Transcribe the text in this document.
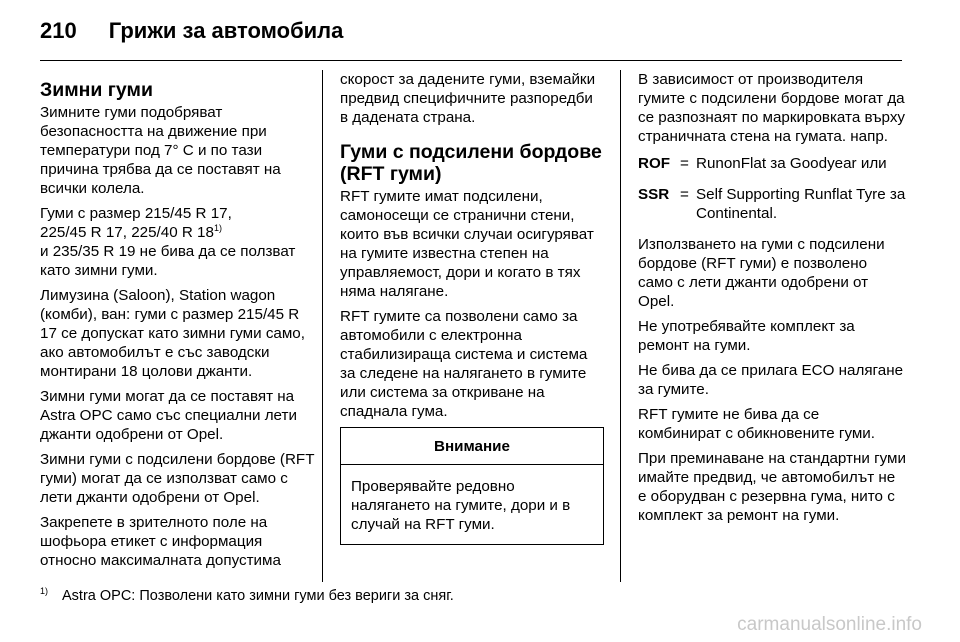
210 Грижи за автомобила
Зимни гуми

Зимните гуми подобряват безопасността на движение при температури под 7° C и по тази причина трябва да се поставят на всички колела.

Гуми с размер 215/45 R 17,
225/45 R 17, 225/40 R 18$^{1)}$
и 235/35 R 19 не бива да се ползват като зимни гуми.

Лимузина (Saloon), Station wagon (комби), ван: гуми с размер 215/45 R 17 се допускат като зимни гуми само, ако автомобилът е със заводски монтирани 18 цолови джанти.

Зимни гуми могат да се поставят на Astra OPC само със специални лети джанти одобрени от Opel.

Зимни гуми с подсилени бордове (RFT гуми) могат да се използват само с лети джанти одобрени от Opel.

Закрепете в зрителното поле на шофьора етикет с информация относно максималната допустима

скорост за дадените гуми, вземайки предвид специфичните разпоредби в дадената страна.

Гуми с подсилени бордове (RFT гуми)

RFT гумите имат подсилени, самоносещи се странични стени, които във всички случаи осигуряват на гумите известна степен на управляемост, дори и когато в тях няма налягане.

RFT гумите са позволени само за автомобили с електронна стабилизираща система и система за следене на налягането в гумите или система за откриване на спаднала гума.

Внимание
Проверявайте редовно налягането на гумите, дори и в случай на RFT гуми.

В зависимост от производителя гумите с подсилени бордове могат да се разпознаят по маркировката върху страничната стена на гумата. напр.

ROF = RunonFlat за Goodyear или
SSR = Self Supporting Runflat Tyre за Continental.

Използването на гуми с подсилени бордове (RFT гуми) е позволено само с лети джанти одобрени от Opel.

Не употребявайте комплект за ремонт на гуми.

Не бива да се прилага ECO налягане за гумите.

RFT гумите не бива да се комбинират с обикновените гуми.

При преминаване на стандартни гуми имайте предвид, че автомобилът не е оборудван с резервна гума, нито с комплект за ремонт на гуми.

$^{1)}$ Astra OPC: Позволени като зимни гуми без вериги за сняг.
carmanualsonline.info
